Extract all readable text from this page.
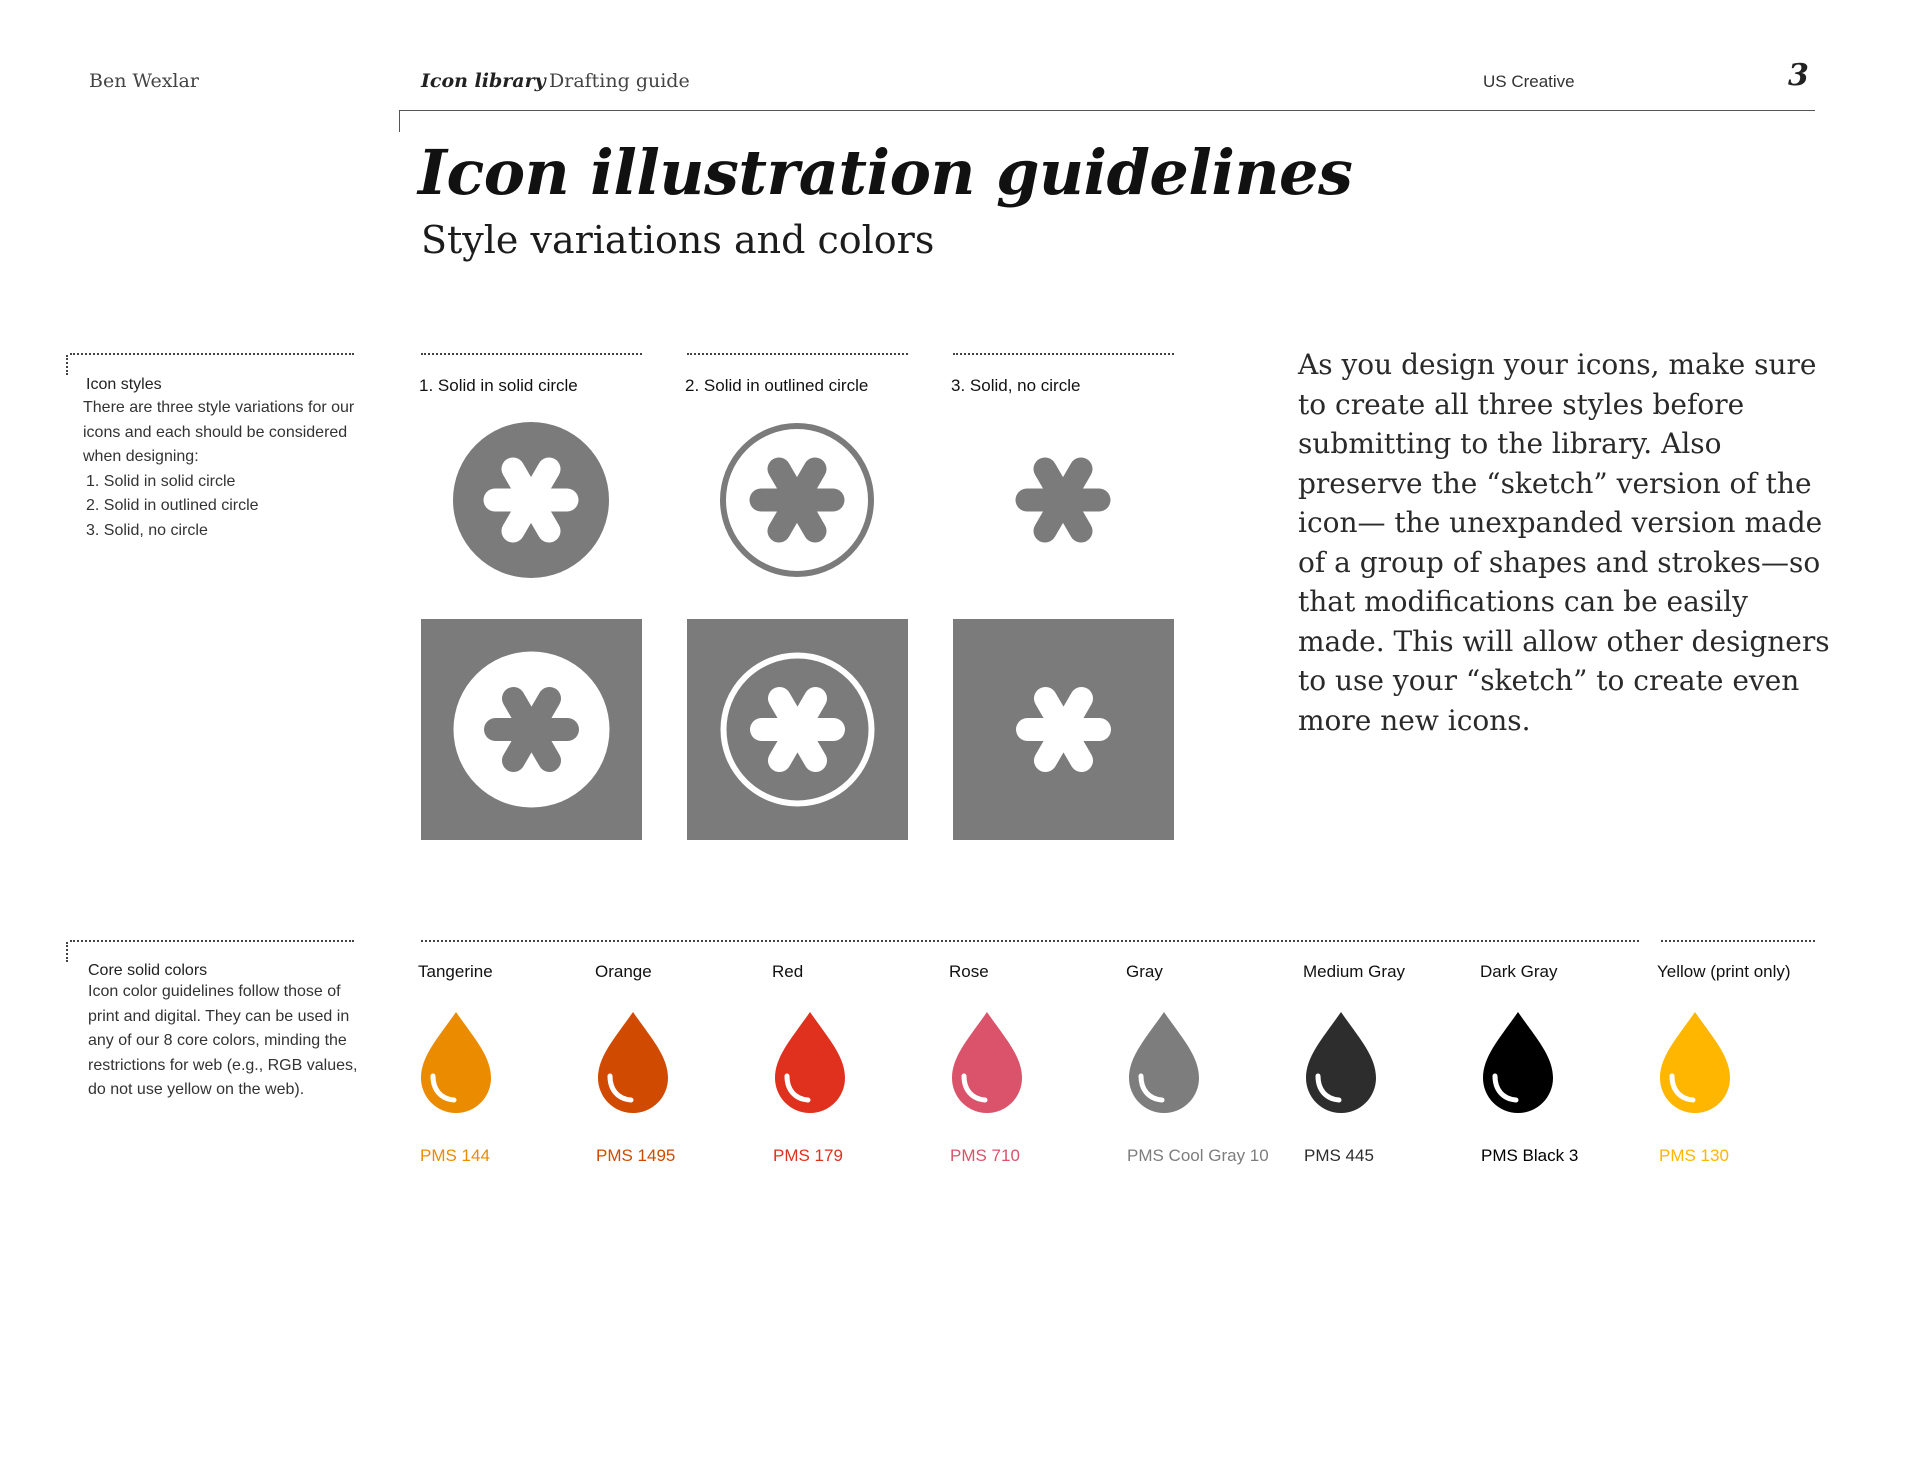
Ben Wexlar	Icon library Drafting guide	US Creative	3
Icon illustration guidelines
Style variations and colors
Icon styles
There are three style variations for our icons and each should be considered when designing:
1. Solid in solid circle
2. Solid in outlined circle
3. Solid, no circle
1. Solid in solid circle	2. Solid in outlined circle	3. Solid, no circle
As you design your icons, make sure to create all three styles before submitting to the library. Also preserve the “sketch” version of the icon— the unexpanded version made of a group of shapes and strokes—so that modifications can be easily made. This will allow other designers to use your “sketch” to create even more new icons.
Core solid colors
Icon color guidelines follow those of print and digital. They can be used in any of our 8 core colors, minding the restrictions for web (e.g., RGB values, do not use yellow on the web).
Tangerine
PMS 144
Orange
PMS 1495
Red
PMS 179
Rose
PMS 710
Gray
PMS Cool Gray 10
Medium Gray
PMS 445
Dark Gray
PMS Black 3
Yellow (print only)
PMS 130
